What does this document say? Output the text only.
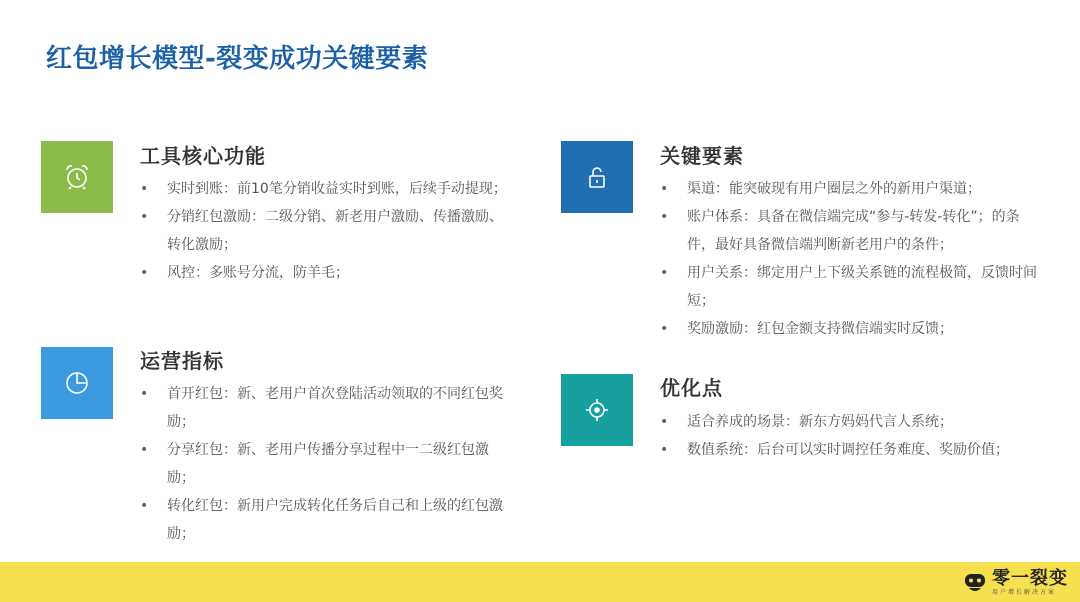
红包增长模型-裂变成功关键要素
工具核心功能
• 实时到账：前10笔分销收益实时到账，后续手动提现；
• 分销红包激励：二级分销、新老用户激励、传播激励、转化激励；
• 风控：多账号分流，防羊毛；
运营指标
• 首开红包：新、老用户首次登陆活动领取的不同红包奖励；
• 分享红包：新、老用户传播分享过程中一二级红包激励；
• 转化红包：新用户完成转化任务后自己和上级的红包激励；
关键要素
• 渠道：能突破现有用户圈层之外的新用户渠道；
• 账户体系：具备在微信端完成“参与-转发-转化”；的条件，最好具备微信端判断新老用户的条件；
• 用户关系：绑定用户上下级关系链的流程极简，反馈时间短；
• 奖励激励：红包金额支持微信端实时反馈；
优化点
• 适合养成的场景：新东方妈妈代言人系统；
• 数值系统：后台可以实时调控任务难度、奖励价值；
零一裂变
用户增长解决方案
